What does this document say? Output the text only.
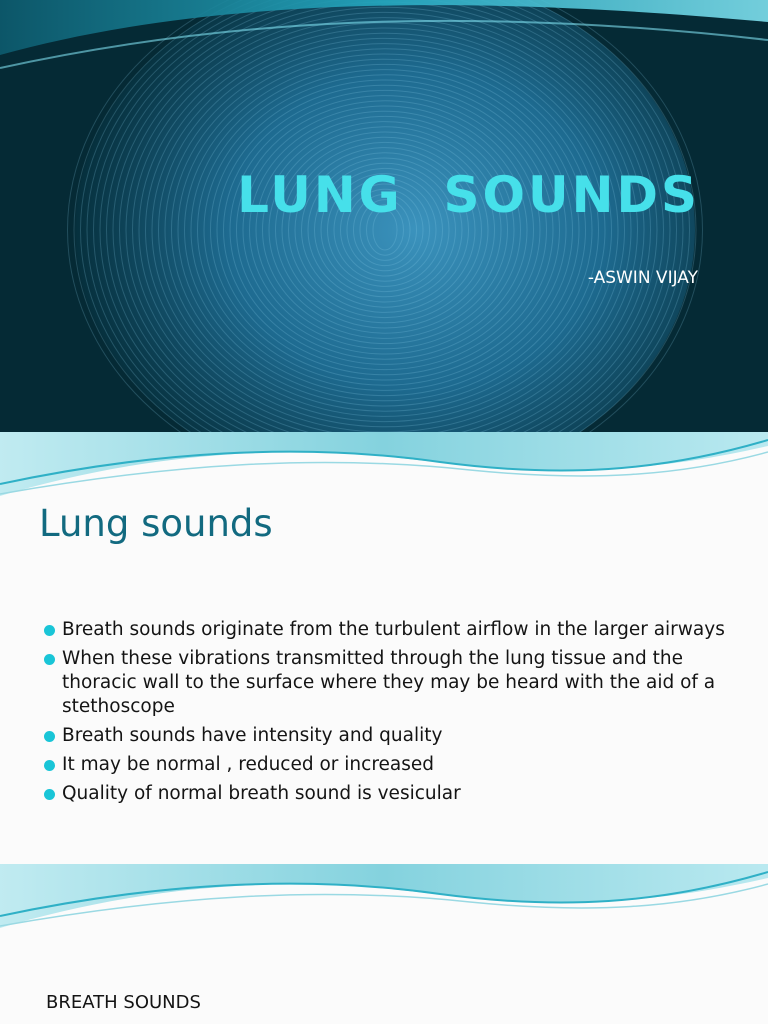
LUNG  SOUNDS
-ASWIN VIJAY
Lung sounds
Breath sounds originate from the turbulent airflow in the larger airways
When these vibrations transmitted through the lung tissue and the thoracic wall to the surface where they may be heard with the aid of a stethoscope
Breath sounds have intensity and quality
It may be normal , reduced or increased
Quality of normal breath sound is vesicular
BREATH SOUNDS
